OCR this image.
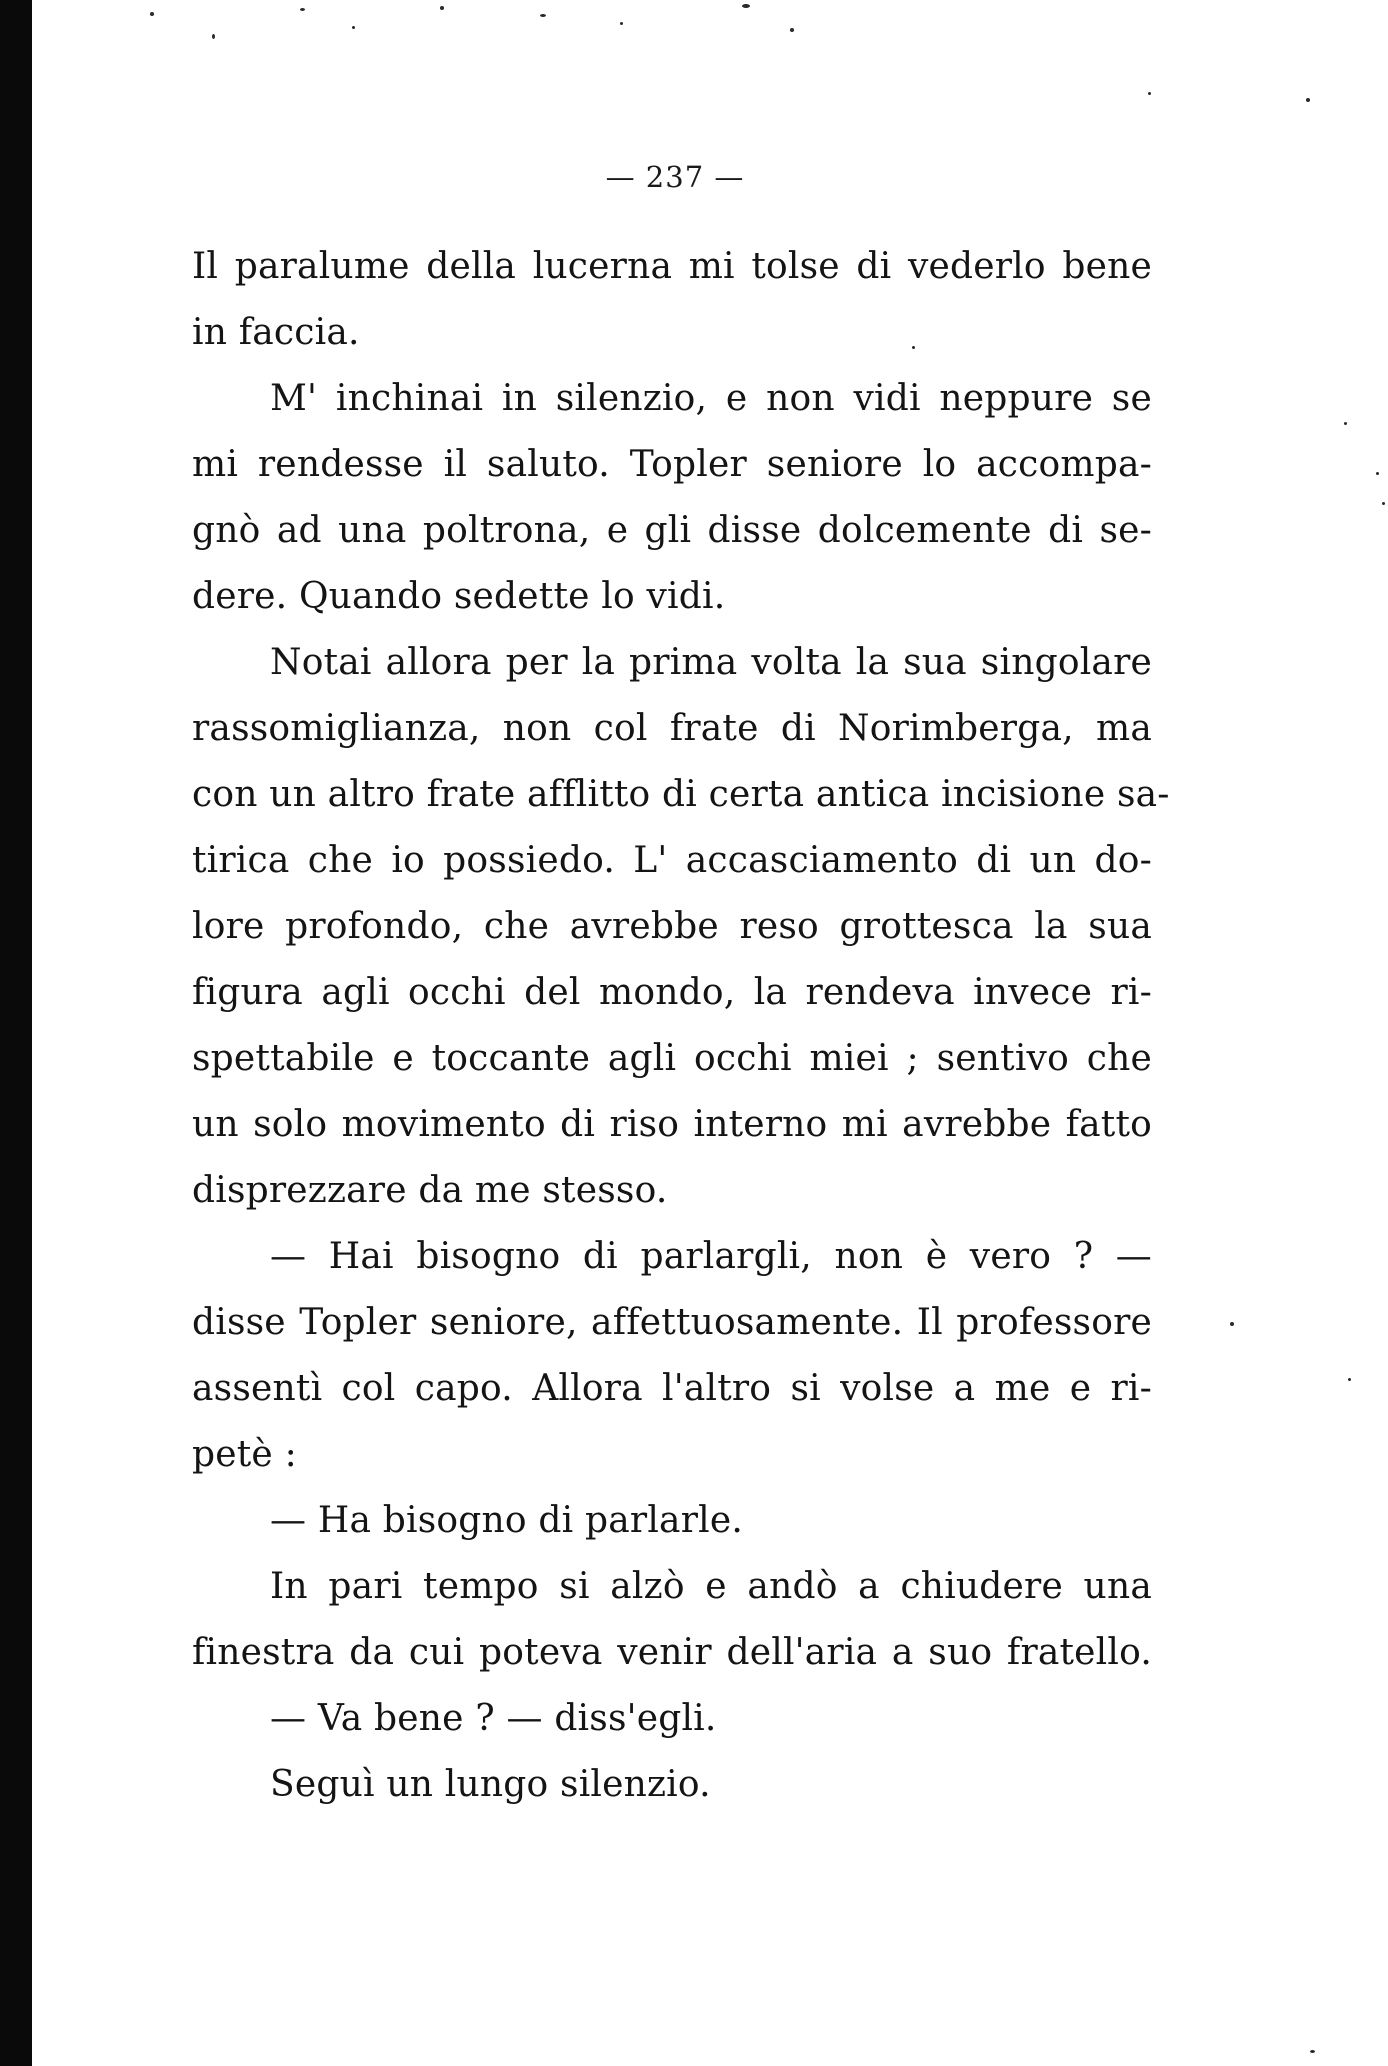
— 237 —
Il paralume della lucerna mi tolse di vederlo bene
in faccia.
M' inchinai in silenzio, e non vidi neppure se
mi rendesse il saluto. Topler seniore lo accompa-
gnò ad una poltrona, e gli disse dolcemente di se-
dere. Quando sedette lo vidi.
Notai allora per la prima volta la sua singolare
rassomiglianza, non col frate di Norimberga, ma
con un altro frate afflitto di certa antica incisione sa-
tirica che io possiedo. L' accasciamento di un do-
lore profondo, che avrebbe reso grottesca la sua
figura agli occhi del mondo, la rendeva invece ri-
spettabile e toccante agli occhi miei ; sentivo che
un solo movimento di riso interno mi avrebbe fatto
disprezzare da me stesso.
— Hai bisogno di parlargli, non è vero ? —
disse Topler seniore, affettuosamente. Il professore
assentì col capo. Allora l'altro si volse a me e ri-
petè :
— Ha bisogno di parlarle.
In pari tempo si alzò e andò a chiudere una
finestra da cui poteva venir dell'aria a suo fratello.
— Va bene ? — diss'egli.
Seguì un lungo silenzio.
